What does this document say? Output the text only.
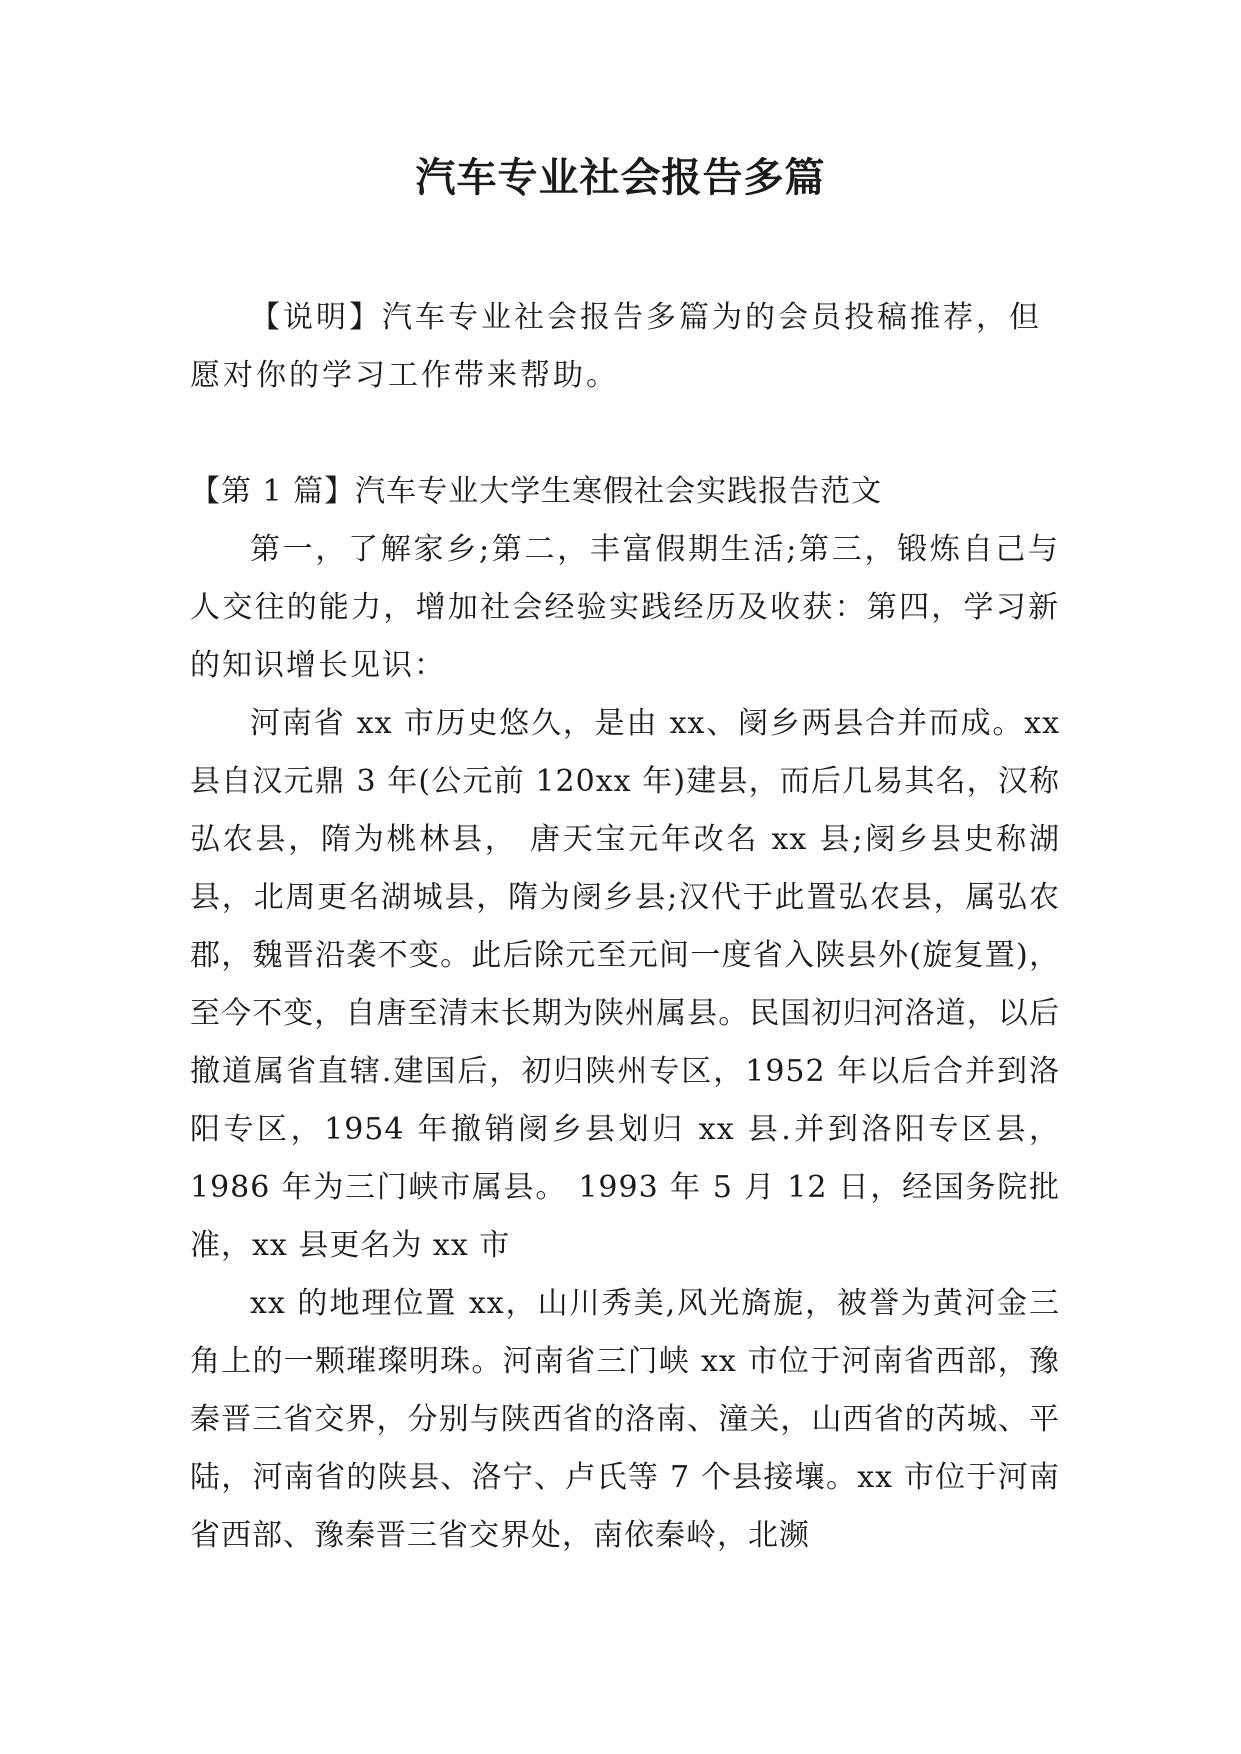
汽车专业社会报告多篇

【说明】汽车专业社会报告多篇为的会员投稿推荐，但愿对你的学习工作带来帮助。

【第 1 篇】汽车专业大学生寒假社会实践报告范文

第一，了解家乡;第二，丰富假期生活;第三，锻炼自己与人交往的能力，增加社会经验实践经历及收获：第四，学习新的知识增长见识：

河南省 xx 市历史悠久，是由 xx、阌乡两县合并而成。xx 县自汉元鼎 3 年(公元前 120xx 年)建县，而后几易其名，汉称弘农县，隋为桃林县， 唐天宝元年改名 xx 县;阌乡县史称湖县，北周更名湖城县，隋为阌乡县;汉代于此置弘农县，属弘农郡，魏晋沿袭不变。此后除元至元间一度省入陕县外(旋复置)，至今不变，自唐至清末长期为陕州属县。民国初归河洛道，以后撤道属省直辖.建国后，初归陕州专区，1952 年以后合并到洛阳专区，1954 年撤销阌乡县划归 xx 县.并到洛阳专区县，1986 年为三门峡市属县。 1993 年 5 月 12 日，经国务院批准，xx 县更名为 xx 市

xx 的地理位置 xx，山川秀美,风光旖旎，被誉为黄河金三角上的一颗璀璨明珠。河南省三门峡 xx 市位于河南省西部，豫秦晋三省交界，分别与陕西省的洛南、潼关，山西省的芮城、平陆，河南省的陕县、洛宁、卢氏等 7 个县接壤。xx 市位于河南省西部、豫秦晋三省交界处，南依秦岭，北濒
